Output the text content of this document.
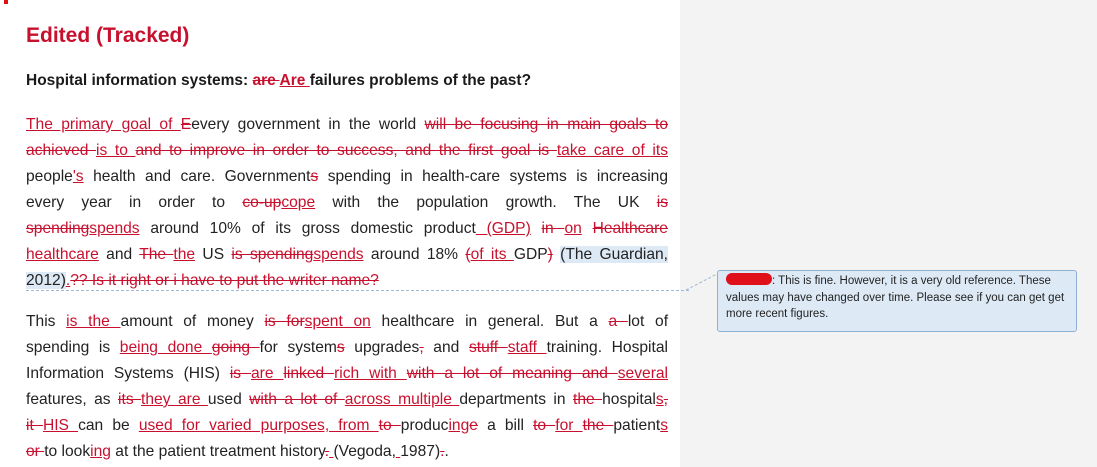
Edited (Tracked)
Hospital information systems: are Are failures problems of the past?
The primary goal of Eevery government in the world will be focusing in main goals to
achieved is to and to improve in order to success, and the first goal is take care of its
people's health and care. Governments spending in health-care systems is increasing
every year in order to co-upcope with the population growth. The UK is
spendingspends around 10% of its gross domestic product (GDP) in on Healthcare
healthcare and The the US is spendingspends around 18% (of its GDP) (The Guardian,
2012).?? Is it right or i have to put the writer name?
This is the amount of money is forspent on healthcare in general. But a a lot of
spending is being done going for systems upgrades, and stuff staff training. Hospital
Information Systems (HIS) is are linked rich with with a lot of meaning and several
features, as its they are used with a lot of across multiple departments in the hospitals,
it HIS can be used for varied purposes, from to producinge a bill to for the patients
or to looking at the patient treatment history. (Vegoda, 1987)..
: This is fine. However, it is a very old reference. These values may have changed over time. Please see if you can get get more recent figures.
